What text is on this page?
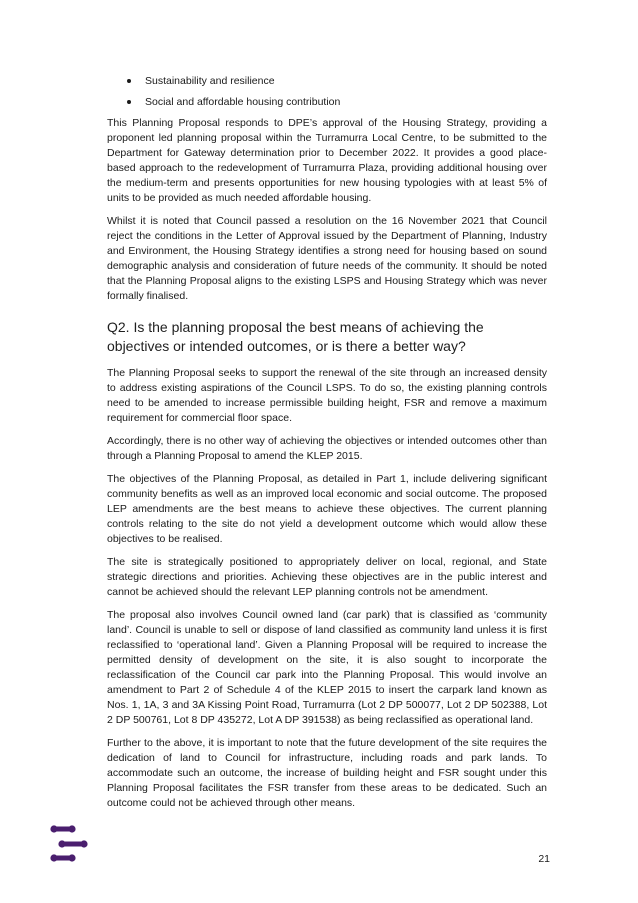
Sustainability and resilience
Social and affordable housing contribution

This Planning Proposal responds to DPE’s approval of the Housing Strategy, providing a proponent led planning proposal within the Turramurra Local Centre, to be submitted to the Department for Gateway determination prior to December 2022. It provides a good place-based approach to the redevelopment of Turramurra Plaza, providing additional housing over the medium-term and presents opportunities for new housing typologies with at least 5% of units to be provided as much needed affordable housing.

Whilst it is noted that Council passed a resolution on the 16 November 2021 that Council reject the conditions in the Letter of Approval issued by the Department of Planning, Industry and Environment, the Housing Strategy identifies a strong need for housing based on sound demographic analysis and consideration of future needs of the community. It should be noted that the Planning Proposal aligns to the existing LSPS and Housing Strategy which was never formally finalised.

Q2. Is the planning proposal the best means of achieving the objectives or intended outcomes, or is there a better way?

The Planning Proposal seeks to support the renewal of the site through an increased density to address existing aspirations of the Council LSPS. To do so, the existing planning controls need to be amended to increase permissible building height, FSR and remove a maximum requirement for commercial floor space.

Accordingly, there is no other way of achieving the objectives or intended outcomes other than through a Planning Proposal to amend the KLEP 2015.

The objectives of the Planning Proposal, as detailed in Part 1, include delivering significant community benefits as well as an improved local economic and social outcome. The proposed LEP amendments are the best means to achieve these objectives. The current planning controls relating to the site do not yield a development outcome which would allow these objectives to be realised.

The site is strategically positioned to appropriately deliver on local, regional, and State strategic directions and priorities. Achieving these objectives are in the public interest and cannot be achieved should the relevant LEP planning controls not be amendment.

The proposal also involves Council owned land (car park) that is classified as ‘community land’. Council is unable to sell or dispose of land classified as community land unless it is first reclassified to ‘operational land’. Given a Planning Proposal will be required to increase the permitted density of development on the site, it is also sought to incorporate the reclassification of the Council car park into the Planning Proposal. This would involve an amendment to Part 2 of Schedule 4 of the KLEP 2015 to insert the carpark land known as Nos. 1, 1A, 3 and 3A Kissing Point Road, Turramurra (Lot 2 DP 500077, Lot 2 DP 502388, Lot 2 DP 500761, Lot 8 DP 435272, Lot A DP 391538) as being reclassified as operational land.

Further to the above, it is important to note that the future development of the site requires the dedication of land to Council for infrastructure, including roads and park lands. To accommodate such an outcome, the increase of building height and FSR sought under this Planning Proposal facilitates the FSR transfer from these areas to be dedicated. Such an outcome could not be achieved through other means.

21
